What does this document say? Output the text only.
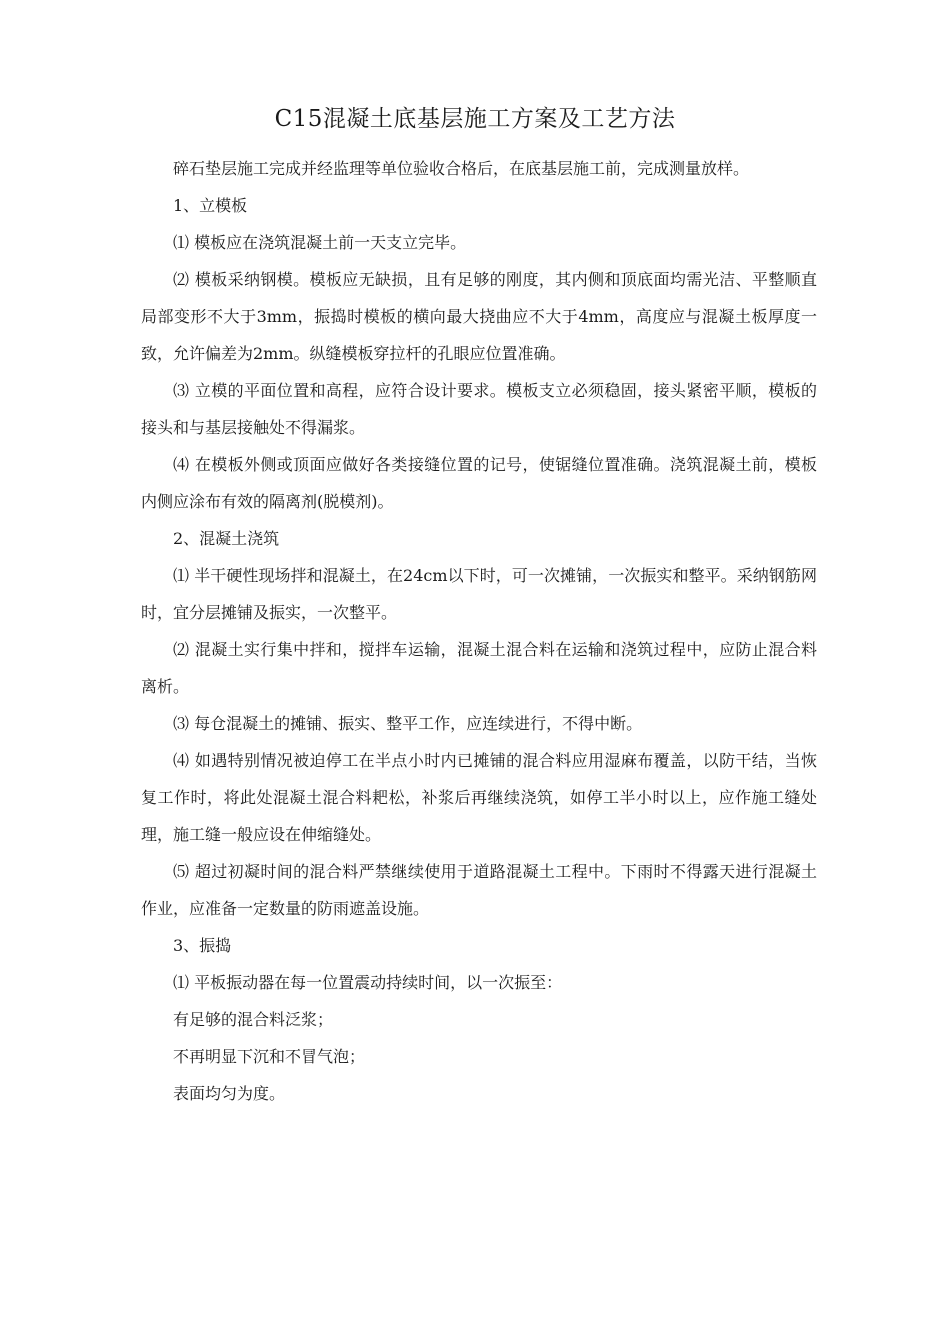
C15混凝土底基层施工方案及工艺方法

碎石垫层施工完成并经监理等单位验收合格后，在底基层施工前，完成测量放样。

1、立模板

⑴ 模板应在浇筑混凝土前一天支立完毕。

⑵ 模板采纳钢模。模板应无缺损，且有足够的刚度，其内侧和顶底面均需光洁、平整顺直局部变形不大于3mm，振捣时模板的横向最大挠曲应不大于4mm，高度应与混凝土板厚度一致，允许偏差为2mm。纵缝模板穿拉杆的孔眼应位置准确。

⑶ 立模的平面位置和高程，应符合设计要求。模板支立必须稳固，接头紧密平顺，模板的接头和与基层接触处不得漏浆。

⑷ 在模板外侧或顶面应做好各类接缝位置的记号，使锯缝位置准确。浇筑混凝土前，模板内侧应涂布有效的隔离剂(脱模剂)。

2、混凝土浇筑

⑴ 半干硬性现场拌和混凝土，在24cm以下时，可一次摊铺，一次振实和整平。采纳钢筋网时，宜分层摊铺及振实，一次整平。

⑵ 混凝土实行集中拌和，搅拌车运输，混凝土混合料在运输和浇筑过程中，应防止混合料离析。

⑶ 每仓混凝土的摊铺、振实、整平工作，应连续进行，不得中断。

⑷ 如遇特别情况被迫停工在半点小时内已摊铺的混合料应用湿麻布覆盖，以防干结，当恢复工作时，将此处混凝土混合料耙松，补浆后再继续浇筑，如停工半小时以上，应作施工缝处理，施工缝一般应设在伸缩缝处。

⑸ 超过初凝时间的混合料严禁继续使用于道路混凝土工程中。下雨时不得露天进行混凝土作业，应准备一定数量的防雨遮盖设施。

3、振捣

⑴ 平板振动器在每一位置震动持续时间，以一次振至：

有足够的混合料泛浆；

不再明显下沉和不冒气泡；

表面均匀为度。
